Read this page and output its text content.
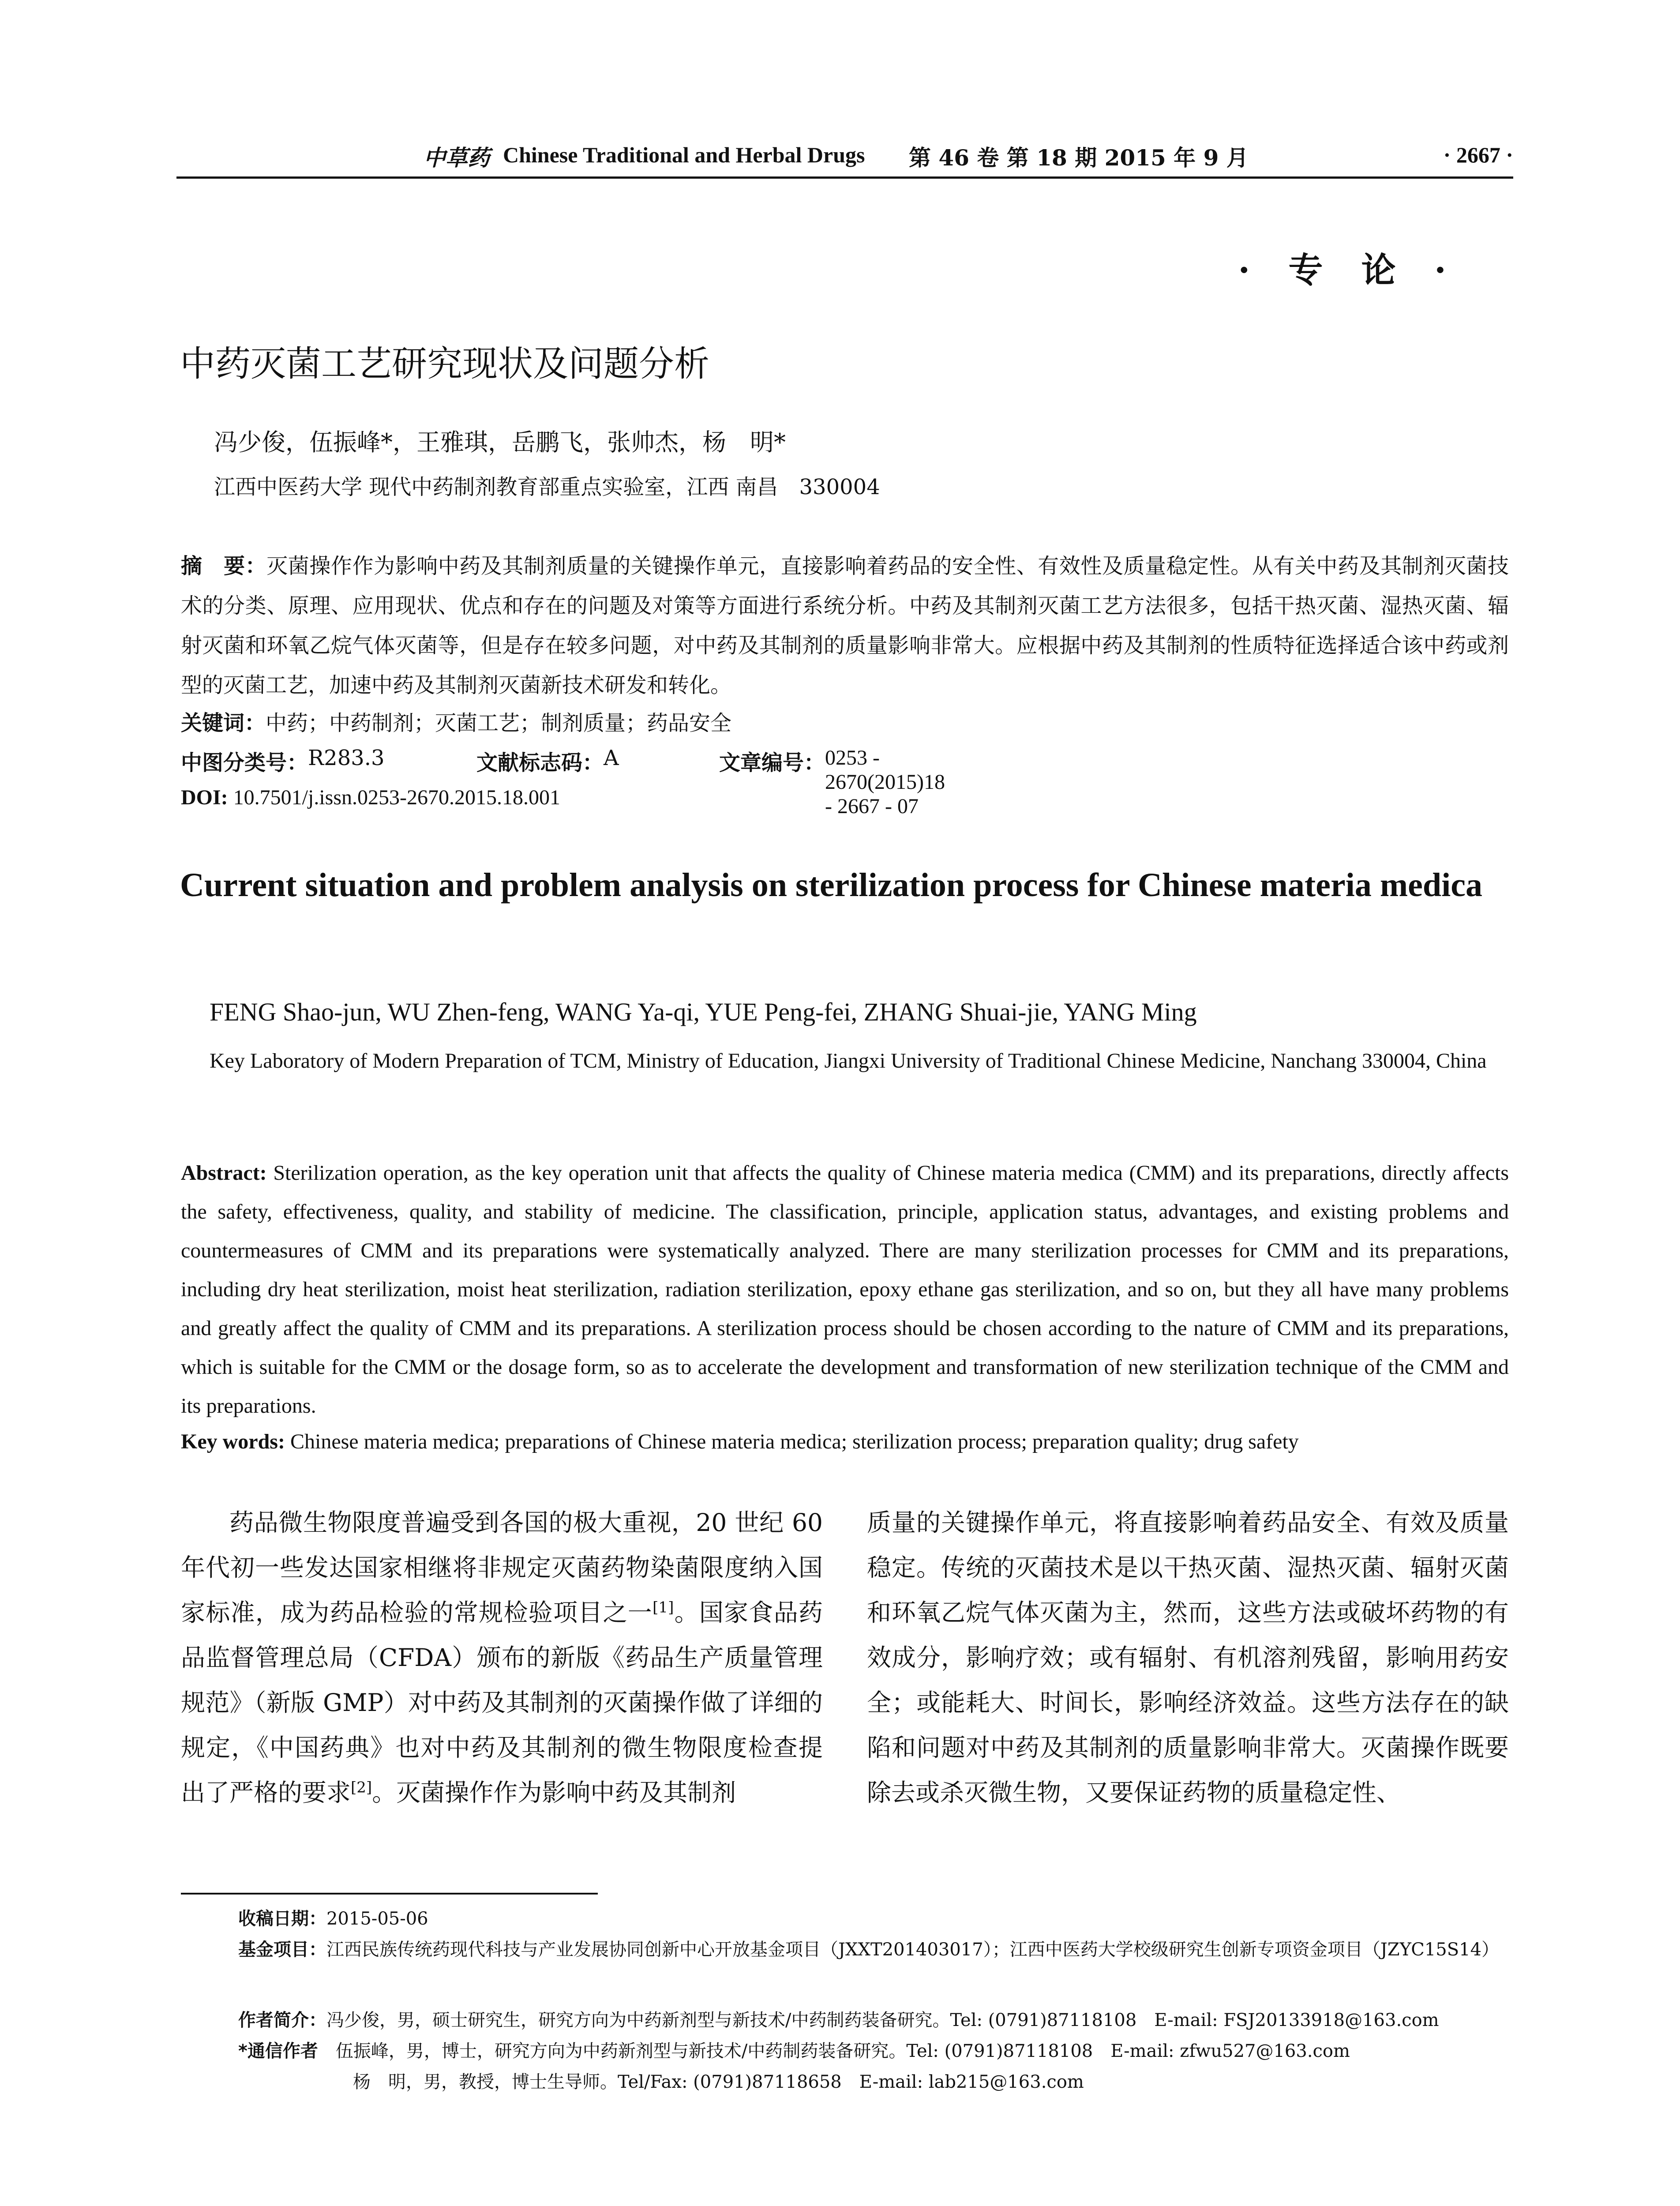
中草药 Chinese Traditional and Herbal Drugs 第 46 卷 第 18 期 2015 年 9 月	· 2667 ·
· 专 论 ·
中药灭菌工艺研究现状及问题分析
冯少俊，伍振峰*，王雅琪，岳鹏飞，张帅杰，杨　明*
江西中医药大学 现代中药制剂教育部重点实验室，江西 南昌　330004
摘　要：灭菌操作作为影响中药及其制剂质量的关键操作单元，直接影响着药品的安全性、有效性及质量稳定性。从有关中药及其制剂灭菌技术的分类、原理、应用现状、优点和存在的问题及对策等方面进行系统分析。中药及其制剂灭菌工艺方法很多，包括干热灭菌、湿热灭菌、辐射灭菌和环氧乙烷气体灭菌等，但是存在较多问题，对中药及其制剂的质量影响非常大。应根据中药及其制剂的性质特征选择适合该中药或剂型的灭菌工艺，加速中药及其制剂灭菌新技术研发和转化。
关键词：中药；中药制剂；灭菌工艺；制剂质量；药品安全
中图分类号： R283.3	文献标志码： A	文章编号： 0253 - 2670(2015)18 - 2667 - 07
DOI: 10.7501/j.issn.0253-2670.2015.18.001
Current situation and problem analysis on sterilization process for Chinese materia medica
FENG Shao-jun, WU Zhen-feng, WANG Ya-qi, YUE Peng-fei, ZHANG Shuai-jie, YANG Ming
Key Laboratory of Modern Preparation of TCM, Ministry of Education, Jiangxi University of Traditional Chinese Medicine, Nanchang 330004, China
Abstract: Sterilization operation, as the key operation unit that affects the quality of Chinese materia medica (CMM) and its preparations, directly affects the safety, effectiveness, quality, and stability of medicine. The classification, principle, application status, advantages, and existing problems and countermeasures of CMM and its preparations were systematically analyzed. There are many sterilization processes for CMM and its preparations, including dry heat sterilization, moist heat sterilization, radiation sterilization, epoxy ethane gas sterilization, and so on, but they all have many problems and greatly affect the quality of CMM and its preparations. A sterilization process should be chosen according to the nature of CMM and its preparations, which is suitable for the CMM or the dosage form, so as to accelerate the development and transformation of new sterilization technique of the CMM and its preparations.
Key words: Chinese materia medica; preparations of Chinese materia medica; sterilization process; preparation quality; drug safety
药品微生物限度普遍受到各国的极大重视，20 世纪 60 年代初一些发达国家相继将非规定灭菌药物染菌限度纳入国家标准，成为药品检验的常规检验项目之一[1]。国家食品药品监督管理总局（CFDA）颁布的新版《药品生产质量管理规范》（新版 GMP）对中药及其制剂的灭菌操作做了详细的规定，《中国药典》也对中药及其制剂的微生物限度检查提出了严格的要求[2]。灭菌操作作为影响中药及其制剂
质量的关键操作单元，将直接影响着药品安全、有效及质量稳定。传统的灭菌技术是以干热灭菌、湿热灭菌、辐射灭菌和环氧乙烷气体灭菌为主，然而，这些方法或破坏药物的有效成分，影响疗效；或有辐射、有机溶剂残留，影响用药安全；或能耗大、时间长，影响经济效益。这些方法存在的缺陷和问题对中药及其制剂的质量影响非常大。灭菌操作既要除去或杀灭微生物，又要保证药物的质量稳定性、
收稿日期：2015-05-06
基金项目：江西民族传统药现代科技与产业发展协同创新中心开放基金项目（JXXT201403017）；江西中医药大学校级研究生创新专项资金项目（JZYC15S14）
作者简介：冯少俊，男，硕士研究生，研究方向为中药新剂型与新技术/中药制药装备研究。Tel: (0791)87118108　E-mail: FSJ20133918@163.com
*通信作者　 伍振峰，男，博士，研究方向为中药新剂型与新技术/中药制药装备研究。Tel: (0791)87118108　E-mail: zfwu527@163.com
杨　明，男，教授，博士生导师。Tel/Fax: (0791)87118658　E-mail: lab215@163.com
